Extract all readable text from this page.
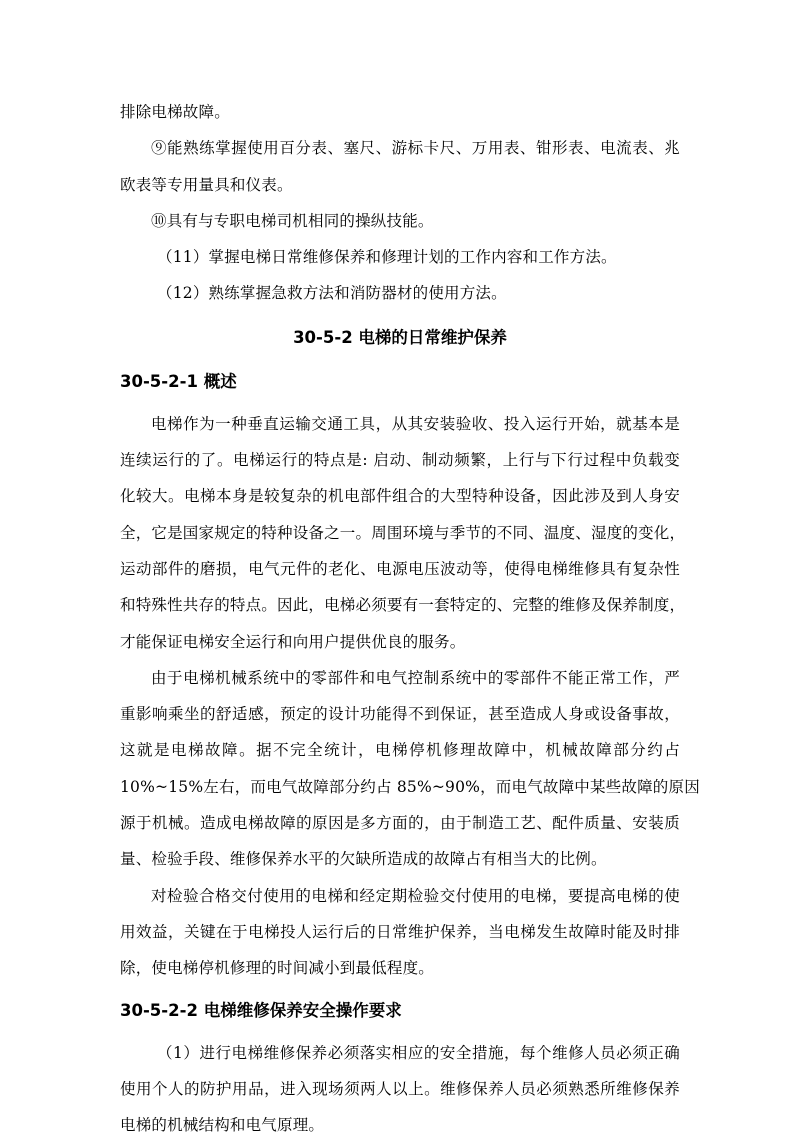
排除电梯故障。
⑨能熟练掌握使用百分表、塞尺、游标卡尺、万用表、钳形表、电流表、兆
欧表等专用量具和仪表。
⑩具有与专职电梯司机相同的操纵技能。
（11）掌握电梯日常维修保养和修理计划的工作内容和工作方法。
（12）熟练掌握急救方法和消防器材的使用方法。
30-5-2 电梯的日常维护保养
30-5-2-1 概述
电梯作为一种垂直运输交通工具，从其安装验收、投入运行开始，就基本是
连续运行的了。电梯运行的特点是: 启动、制动频繁，上行与下行过程中负载变
化较大。电梯本身是较复杂的机电部件组合的大型特种设备，因此涉及到人身安
全，它是国家规定的特种设备之一。周围环境与季节的不同、温度、湿度的变化，
运动部件的磨损，电气元件的老化、电源电压波动等，使得电梯维修具有复杂性
和特殊性共存的特点。因此，电梯必须要有一套特定的、完整的维修及保养制度，
才能保证电梯安全运行和向用户提供优良的服务。
由于电梯机械系统中的零部件和电气控制系统中的零部件不能正常工作，严
重影响乘坐的舒适感，预定的设计功能得不到保证，甚至造成人身或设备事故，
这就是电梯故障。据不完全统计，电梯停机修理故障中，机械故障部分约占
10%~15%左右，而电气故障部分约占 85%~90%，而电气故障中某些故障的原因
源于机械。造成电梯故障的原因是多方面的，由于制造工艺、配件质量、安装质
量、检验手段、维修保养水平的欠缺所造成的故障占有相当大的比例。
对检验合格交付使用的电梯和经定期检验交付使用的电梯，要提高电梯的使
用效益，关键在于电梯投人运行后的日常维护保养，当电梯发生故障时能及时排
除，使电梯停机修理的时间减小到最低程度。
30-5-2-2 电梯维修保养安全操作要求
（1）进行电梯维修保养必须落实相应的安全措施，每个维修人员必须正确
使用个人的防护用品，进入现场须两人以上。维修保养人员必须熟悉所维修保养
电梯的机械结构和电气原理。
